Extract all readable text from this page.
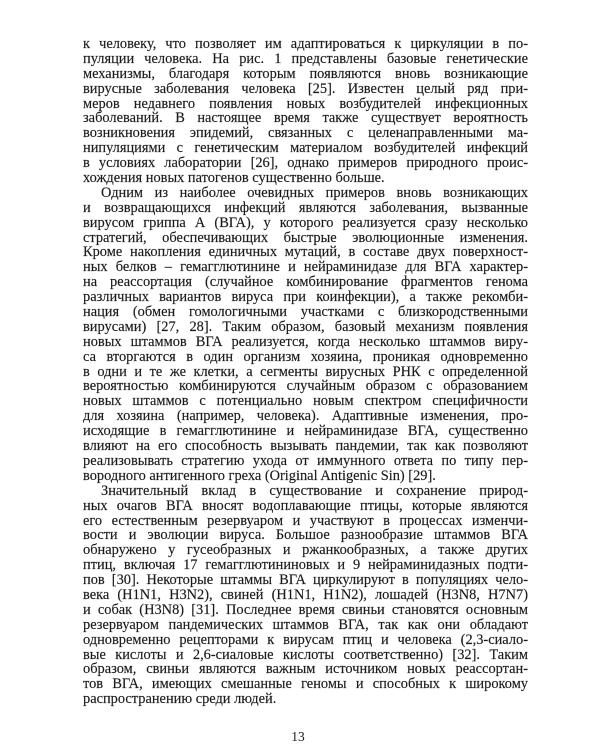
к человеку, что позволяет им адаптироваться к циркуляции в по-
пуляции человека. На рис. 1 представлены базовые генетические
механизмы, благодаря которым появляются вновь возникающие
вирусные заболевания человека [25]. Известен целый ряд при-
меров недавнего появления новых возбудителей инфекционных
заболеваний. В настоящее время также существует вероятность
возникновения эпидемий, связанных с целенаправленными ма-
нипуляциями с генетическим материалом возбудителей инфекций
в условиях лаборатории [26], однако примеров природного проис-
хождения новых патогенов существенно больше.
Одним из наиболее очевидных примеров вновь возникающих
и возвращающихся инфекций являются заболевания, вызванные
вирусом гриппа А (ВГА), у которого реализуется сразу несколько
стратегий, обеспечивающих быстрые эволюционные изменения.
Кроме накопления единичных мутаций, в составе двух поверхност-
ных белков – гемагглютинине и нейраминидазе для ВГА характер-
на реассортация (случайное комбинирование фрагментов генома
различных вариантов вируса при коинфекции), а также рекомби-
нация (обмен гомологичными участками с близкородственными
вирусами) [27, 28]. Таким образом, базовый механизм появления
новых штаммов ВГА реализуется, когда несколько штаммов виру-
са вторгаются в один организм хозяина, проникая одновременно
в одни и те же клетки, а сегменты вирусных РНК с определенной
вероятностью комбинируются случайным образом с образованием
новых штаммов с потенциально новым спектром специфичности
для хозяина (например, человека). Адаптивные изменения, про-
исходящие в гемагглютинине и нейраминидазе ВГА, существенно
влияют на его способность вызывать пандемии, так как позволяют
реализовывать стратегию ухода от иммунного ответа по типу пер-
вородного антигенного греха (Original Antigenic Sin) [29].
Значительный вклад в существование и сохранение природ-
ных очагов ВГА вносят водоплавающие птицы, которые являются
его естественным резервуаром и участвуют в процессах изменчи-
вости и эволюции вируса. Большое разнообразие штаммов ВГА
обнаружено у гусеобразных и ржанкообразных, а также других
птиц, включая 17 гемагглютининовых и 9 нейраминидазных подти-
пов [30]. Некоторые штаммы ВГА циркулируют в популяциях чело-
века (H1N1, H3N2), свиней (H1N1, H1N2), лошадей (H3N8, H7N7)
и собак (H3N8) [31]. Последнее время свиньи становятся основным
резервуаром пандемических штаммов ВГА, так как они обладают
одновременно рецепторами к вирусам птиц и человека (2,3-сиало-
вые кислоты и 2,6-сиаловые кислоты соответственно) [32]. Таким
образом, свиньи являются важным источником новых реассортан-
тов ВГА, имеющих смешанные геномы и способных к широкому
распространению среди людей.
13
